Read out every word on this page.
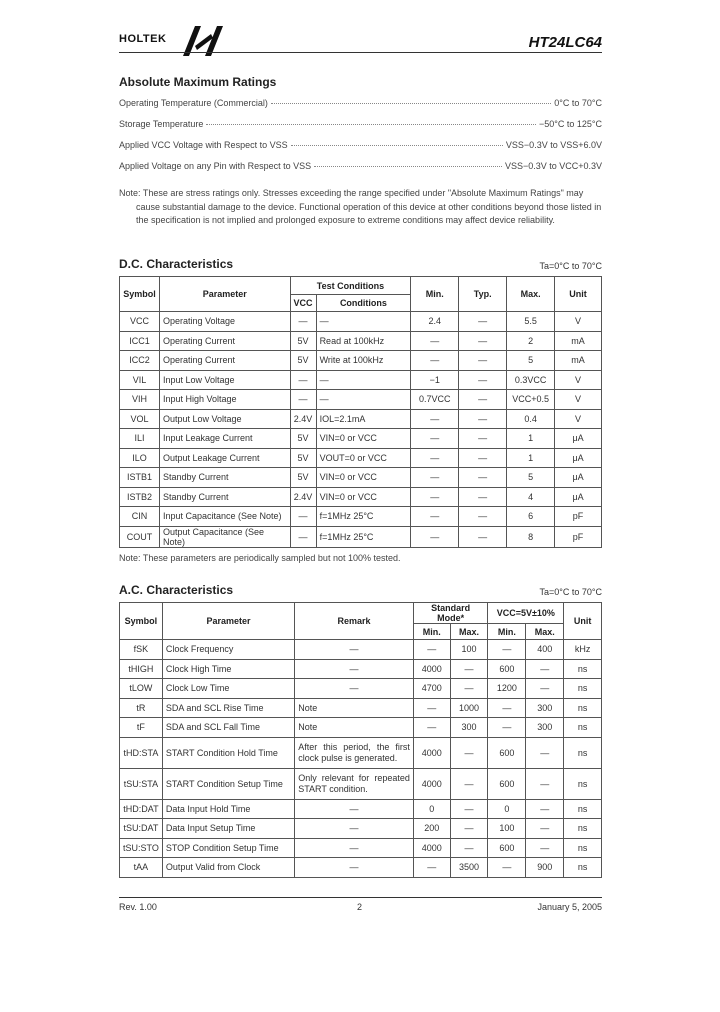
HOLTEK	HT24LC64
Absolute Maximum Ratings
Operating Temperature (Commercial)	0°C to 70°C
Storage Temperature	−50°C to 125°C
Applied VCC Voltage with Respect to VSS	VSS−0.3V to VSS+6.0V
Applied Voltage on any Pin with Respect to VSS	VSS−0.3V to VCC+0.3V
Note: These are stress ratings only. Stresses exceeding the range specified under "Absolute Maximum Ratings" may
cause substantial damage to the device. Functional operation of this device at other conditions beyond those listed in the specification is not implied and prolonged exposure to extreme conditions may affect device reliability.
D.C. Characteristics	Ta=0°C to 70°C
Symbol	Parameter	Test Conditions		Min.	Typ.	Max.	Unit
		VCC	Conditions				
VCC	Operating Voltage	—	—	2.4	—	5.5	V
ICC1	Operating Current	5V	Read at 100kHz	—	—	2	mA
ICC2	Operating Current	5V	Write at 100kHz	—	—	5	mA
VIL	Input Low Voltage	—	—	−1	—	0.3VCC	V
VIH	Input High Voltage	—	—	0.7VCC	—	VCC+0.5	V
VOL	Output Low Voltage	2.4V	IOL=2.1mA	—	—	0.4	V
ILI	Input Leakage Current	5V	VIN=0 or VCC	—	—	1	μA
ILO	Output Leakage Current	5V	VOUT=0 or VCC	—	—	1	μA
ISTB1	Standby Current	5V	VIN=0 or VCC	—	—	5	μA
ISTB2	Standby Current	2.4V	VIN=0 or VCC	—	—	4	μA
CIN	Input Capacitance (See Note)	—	f=1MHz 25°C	—	—	6	pF
COUT	Output Capacitance (See Note)	—	f=1MHz 25°C	—	—	8	pF
Note: These parameters are periodically sampled but not 100% tested.
A.C. Characteristics	Ta=0°C to 70°C
Symbol	Parameter	Remark	Standard Mode*		VCC=5V±10%		Unit
			Min.	Max.	Min.	Max.	
fSK	Clock Frequency	—	—	100	—	400	kHz
tHIGH	Clock High Time	—	4000	—	600	—	ns
tLOW	Clock Low Time	—	4700	—	1200	—	ns
tR	SDA and SCL Rise Time	Note	—	1000	—	300	ns
tF	SDA and SCL Fall Time	Note	—	300	—	300	ns
tHD:STA	START Condition Hold Time	After this period, the first clock pulse is generated.	4000	—	600	—	ns
tSU:STA	START Condition Setup Time	Only relevant for repeated START condition.	4000	—	600	—	ns
tHD:DAT	Data Input Hold Time	—	0	—	0	—	ns
tSU:DAT	Data Input Setup Time	—	200	—	100	—	ns
tSU:STO	STOP Condition Setup Time	—	4000	—	600	—	ns
tAA	Output Valid from Clock	—	—	3500	—	900	ns
Rev. 1.00	2	January 5, 2005
